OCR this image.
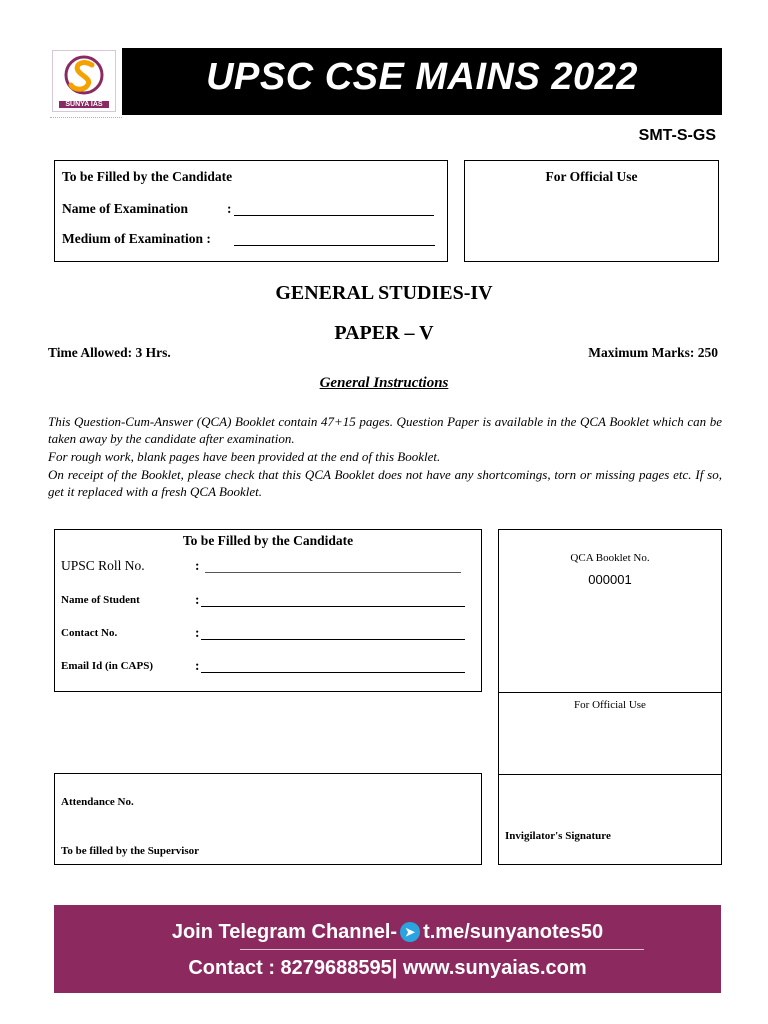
SUNYA IAS
UPSC CSE MAINS 2022
SMT-S-GS
To be Filled by the Candidate
Name of Examination	:
Medium of Examination :
For Official Use
GENERAL STUDIES-IV
PAPER – V
Time Allowed: 3 Hrs.	Maximum Marks: 250
General Instructions
This Question-Cum-Answer (QCA) Booklet contain 47+15 pages. Question Paper is available in the QCA Booklet which can be taken away by the candidate after examination.
For rough work, blank pages have been provided at the end of this Booklet.
On receipt of the Booklet, please check that this QCA Booklet does not have any shortcomings, torn or missing pages etc. If so, get it replaced with a fresh QCA Booklet.
To be Filled by the Candidate
UPSC Roll No.	:
Name of Student	:
Contact No.	:
Email Id (in CAPS)	:
QCA Booklet No.
000001
For Official Use
Invigilator's Signature
Attendance No.
To be filled by the Supervisor
Join Telegram Channel- ➤ t.me/sunyanotes50
Contact : 8279688595| www.sunyaias.com
